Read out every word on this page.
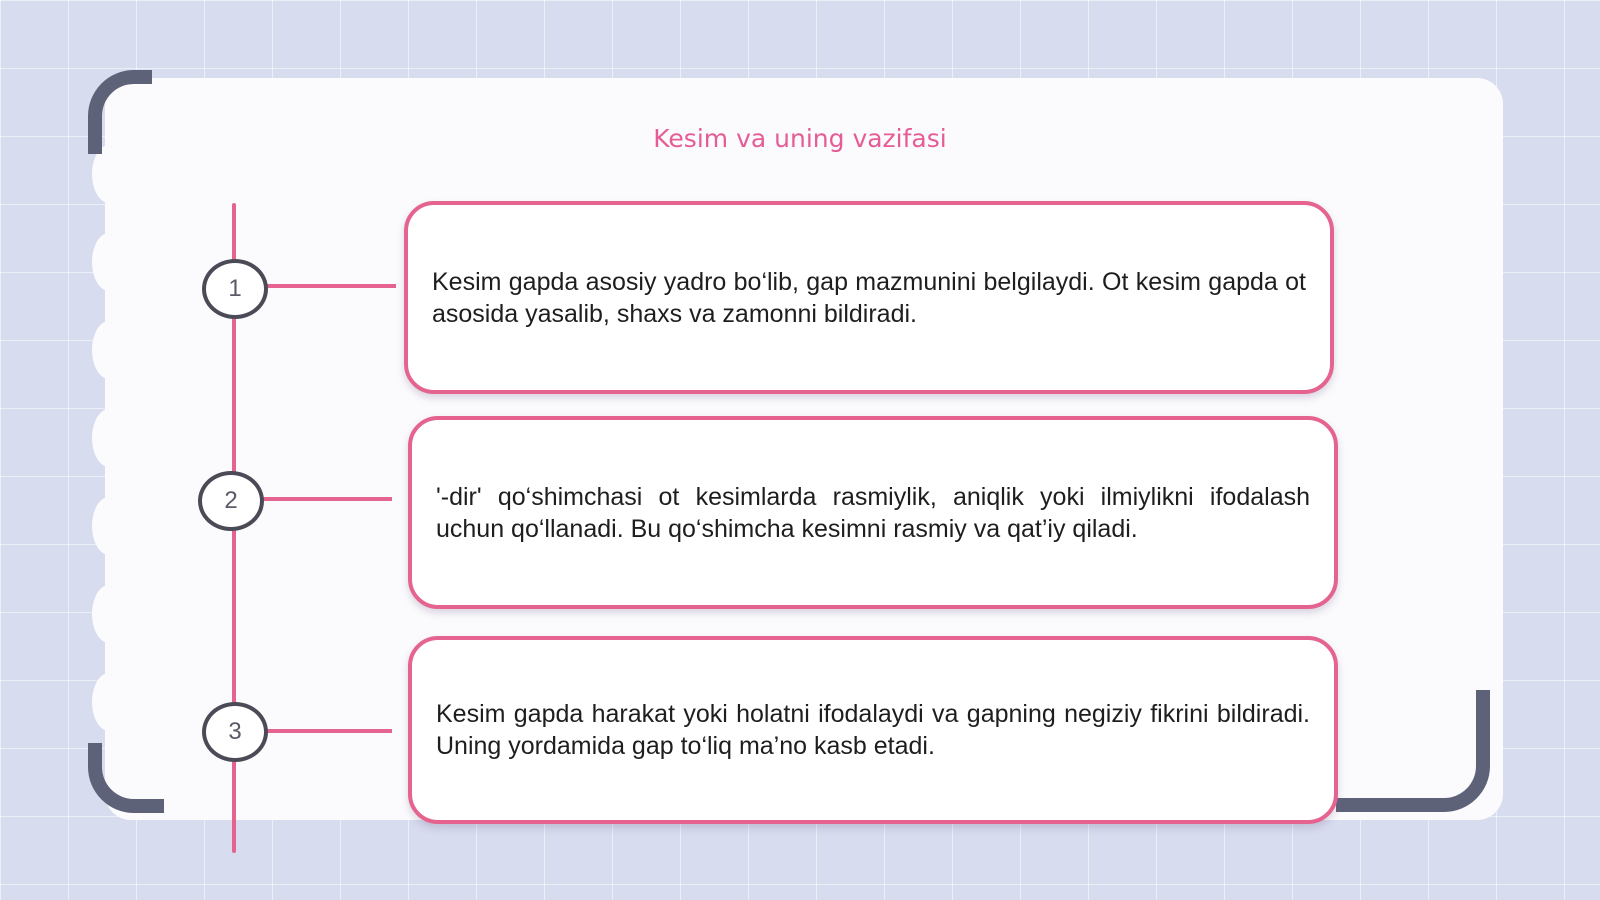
Kesim va uning vazifasi
1
2
3
Kesim gapda asosiy yadro bo‘lib, gap mazmunini belgilaydi. Ot kesim gapda ot asosida yasalib, shaxs va zamonni bildiradi.
'-dir' qo‘shimchasi ot kesimlarda rasmiylik, aniqlik yoki ilmiylikni ifodalash uchun qo‘llanadi. Bu qo‘shimcha kesimni rasmiy va qat’iy qiladi.
Kesim gapda harakat yoki holatni ifodalaydi va gapning negiziy fikrini bildiradi. Uning yordamida gap to‘liq ma’no kasb etadi.
